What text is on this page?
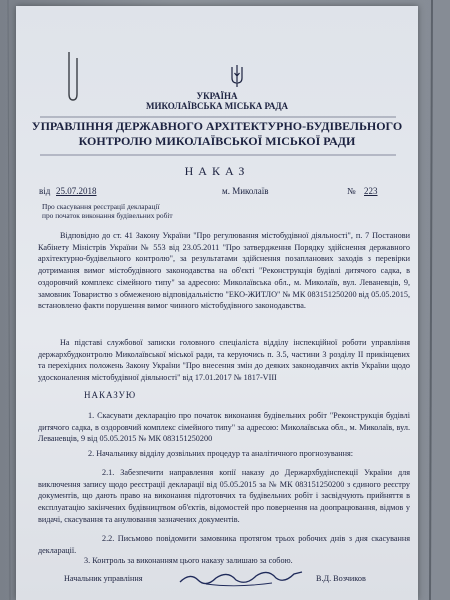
УКРАЇНА
МИКОЛАЇВСЬКА МІСЬКА РАДА
УПРАВЛІННЯ ДЕРЖАВНОГО АРХІТЕКТУРНО-БУДІВЕЛЬНОГО
КОНТРОЛЮ МИКОЛАЇВСЬКОЇ МІСЬКОЇ РАДИ
НАКАЗ
від 25.07.2018	м. Миколаїв	№ 223
Про скасування реєстрації декларації
про початок виконання будівельних робіт
Відповідно до ст. 41 Закону України "Про регулювання містобудівної діяльності", п. 7 Постанови Кабінету Міністрів України № 553 від 23.05.2011 "Про затвердження Порядку здійснення державного архітектурно-будівельного контролю", за результатами здійснення позапланових заходів з перевірки дотримання вимог містобудівного законодавства на об'єкті "Реконструкція будівлі дитячого садка, в оздоровчий комплекс сімейного типу" за адресою: Миколаївська обл., м. Миколаїв, вул. Леваневців, 9, замовник Товариство з обмеженою відповідальністю "ЕКО-ЖИТЛО" № МК 083151250200 від 05.05.2015, встановлено факти порушення вимог чинного містобудівного законодавства.
На підставі службової записки головного спеціаліста відділу інспекційної роботи управління держархбудконтролю Миколаївської міської ради, та керуючись п. 3.5, частини 3 розділу ІІ прикінцевих та перехідних положень Закону України "Про внесення змін до деяких законодавчих актів України щодо удосконалення містобудівної діяльності" від 17.01.2017 № 1817-VIII
НАКАЗУЮ
1. Скасувати декларацію про початок виконання будівельних робіт "Реконструкція будівлі дитячого садка, в оздоровчий комплекс сімейного типу" за адресою: Миколаївська обл., м. Миколаїв, вул. Леваневців, 9 від 05.05.2015 № МК 083151250200
2. Начальнику відділу дозвільних процедур та аналітичного прогнозування:
2.1. Забезпечити направлення копії наказу до Держархбудінспекції України для виключення запису щодо реєстрації декларації від 05.05.2015 за № МК 083151250200 з єдиного реєстру документів, що дають право на виконання підготовчих та будівельних робіт і засвідчують прийняття в експлуатацію закінчених будівництвом об'єктів, відомостей про повернення на доопрацювання, відмов у видачі, скасування та анулювання зазначених документів.
2.2. Письмово повідомити замовника протягом трьох робочих днів з дня скасування декларації.
3. Контроль за виконанням цього наказу залишаю за собою.
Начальник управління	В.Д. Возчиков
